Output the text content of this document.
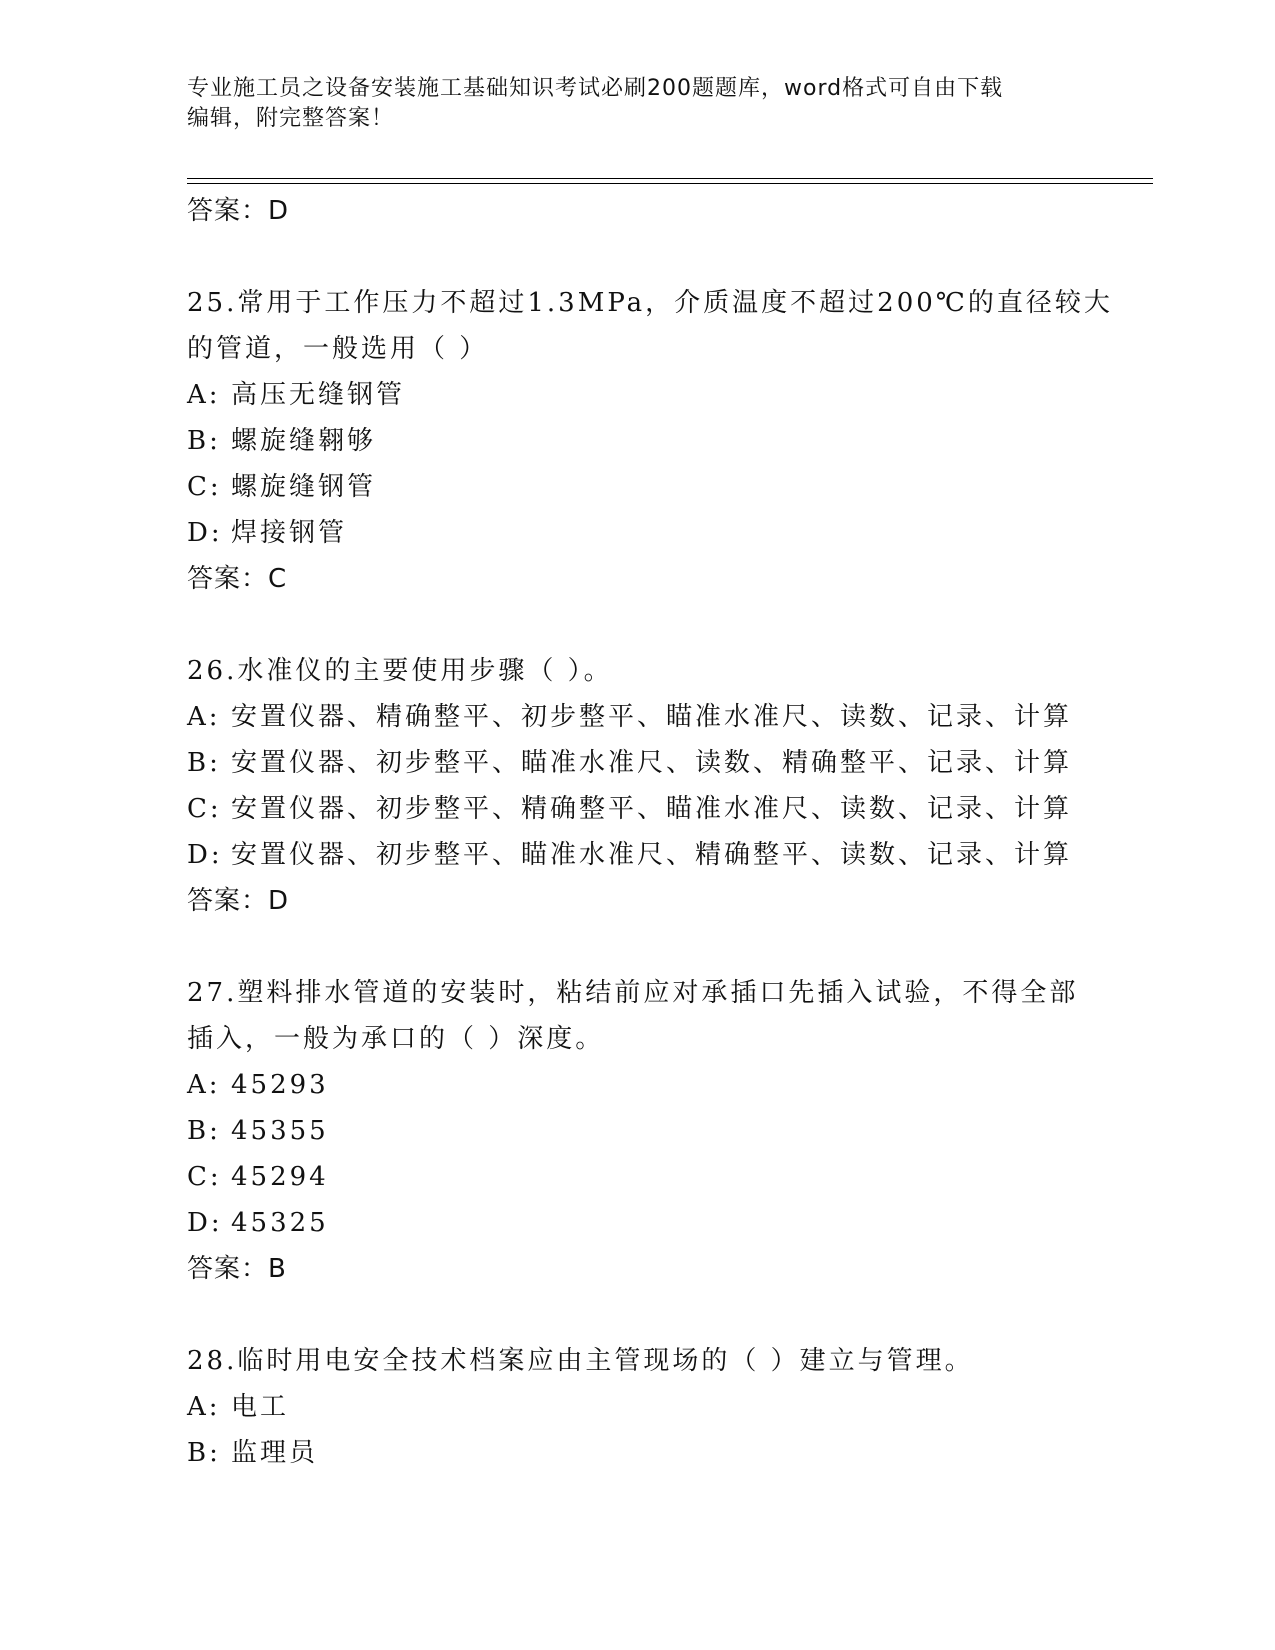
专业施工员之设备安装施工基础知识考试必刷200题题库，word格式可自由下载
编辑，附完整答案！
答案：D
25.常用于工作压力不超过1.3MPa，介质温度不超过200℃的直径较大
的管道，一般选用（ ）
A: 高压无缝钢管
B: 螺旋缝翱够
C: 螺旋缝钢管
D: 焊接钢管
答案：C
26.水准仪的主要使用步骤（ ）。
A: 安置仪器、精确整平、初步整平、瞄准水准尺、读数、记录、计算
B: 安置仪器、初步整平、瞄准水准尺、读数、精确整平、记录、计算
C: 安置仪器、初步整平、精确整平、瞄准水准尺、读数、记录、计算
D: 安置仪器、初步整平、瞄准水准尺、精确整平、读数、记录、计算
答案：D
27.塑料排水管道的安装时，粘结前应对承插口先插入试验，不得全部
插入，一般为承口的（ ）深度。
A: 45293
B: 45355
C: 45294
D: 45325
答案：B
28.临时用电安全技术档案应由主管现场的（ ）建立与管理。
A: 电工
B: 监理员
